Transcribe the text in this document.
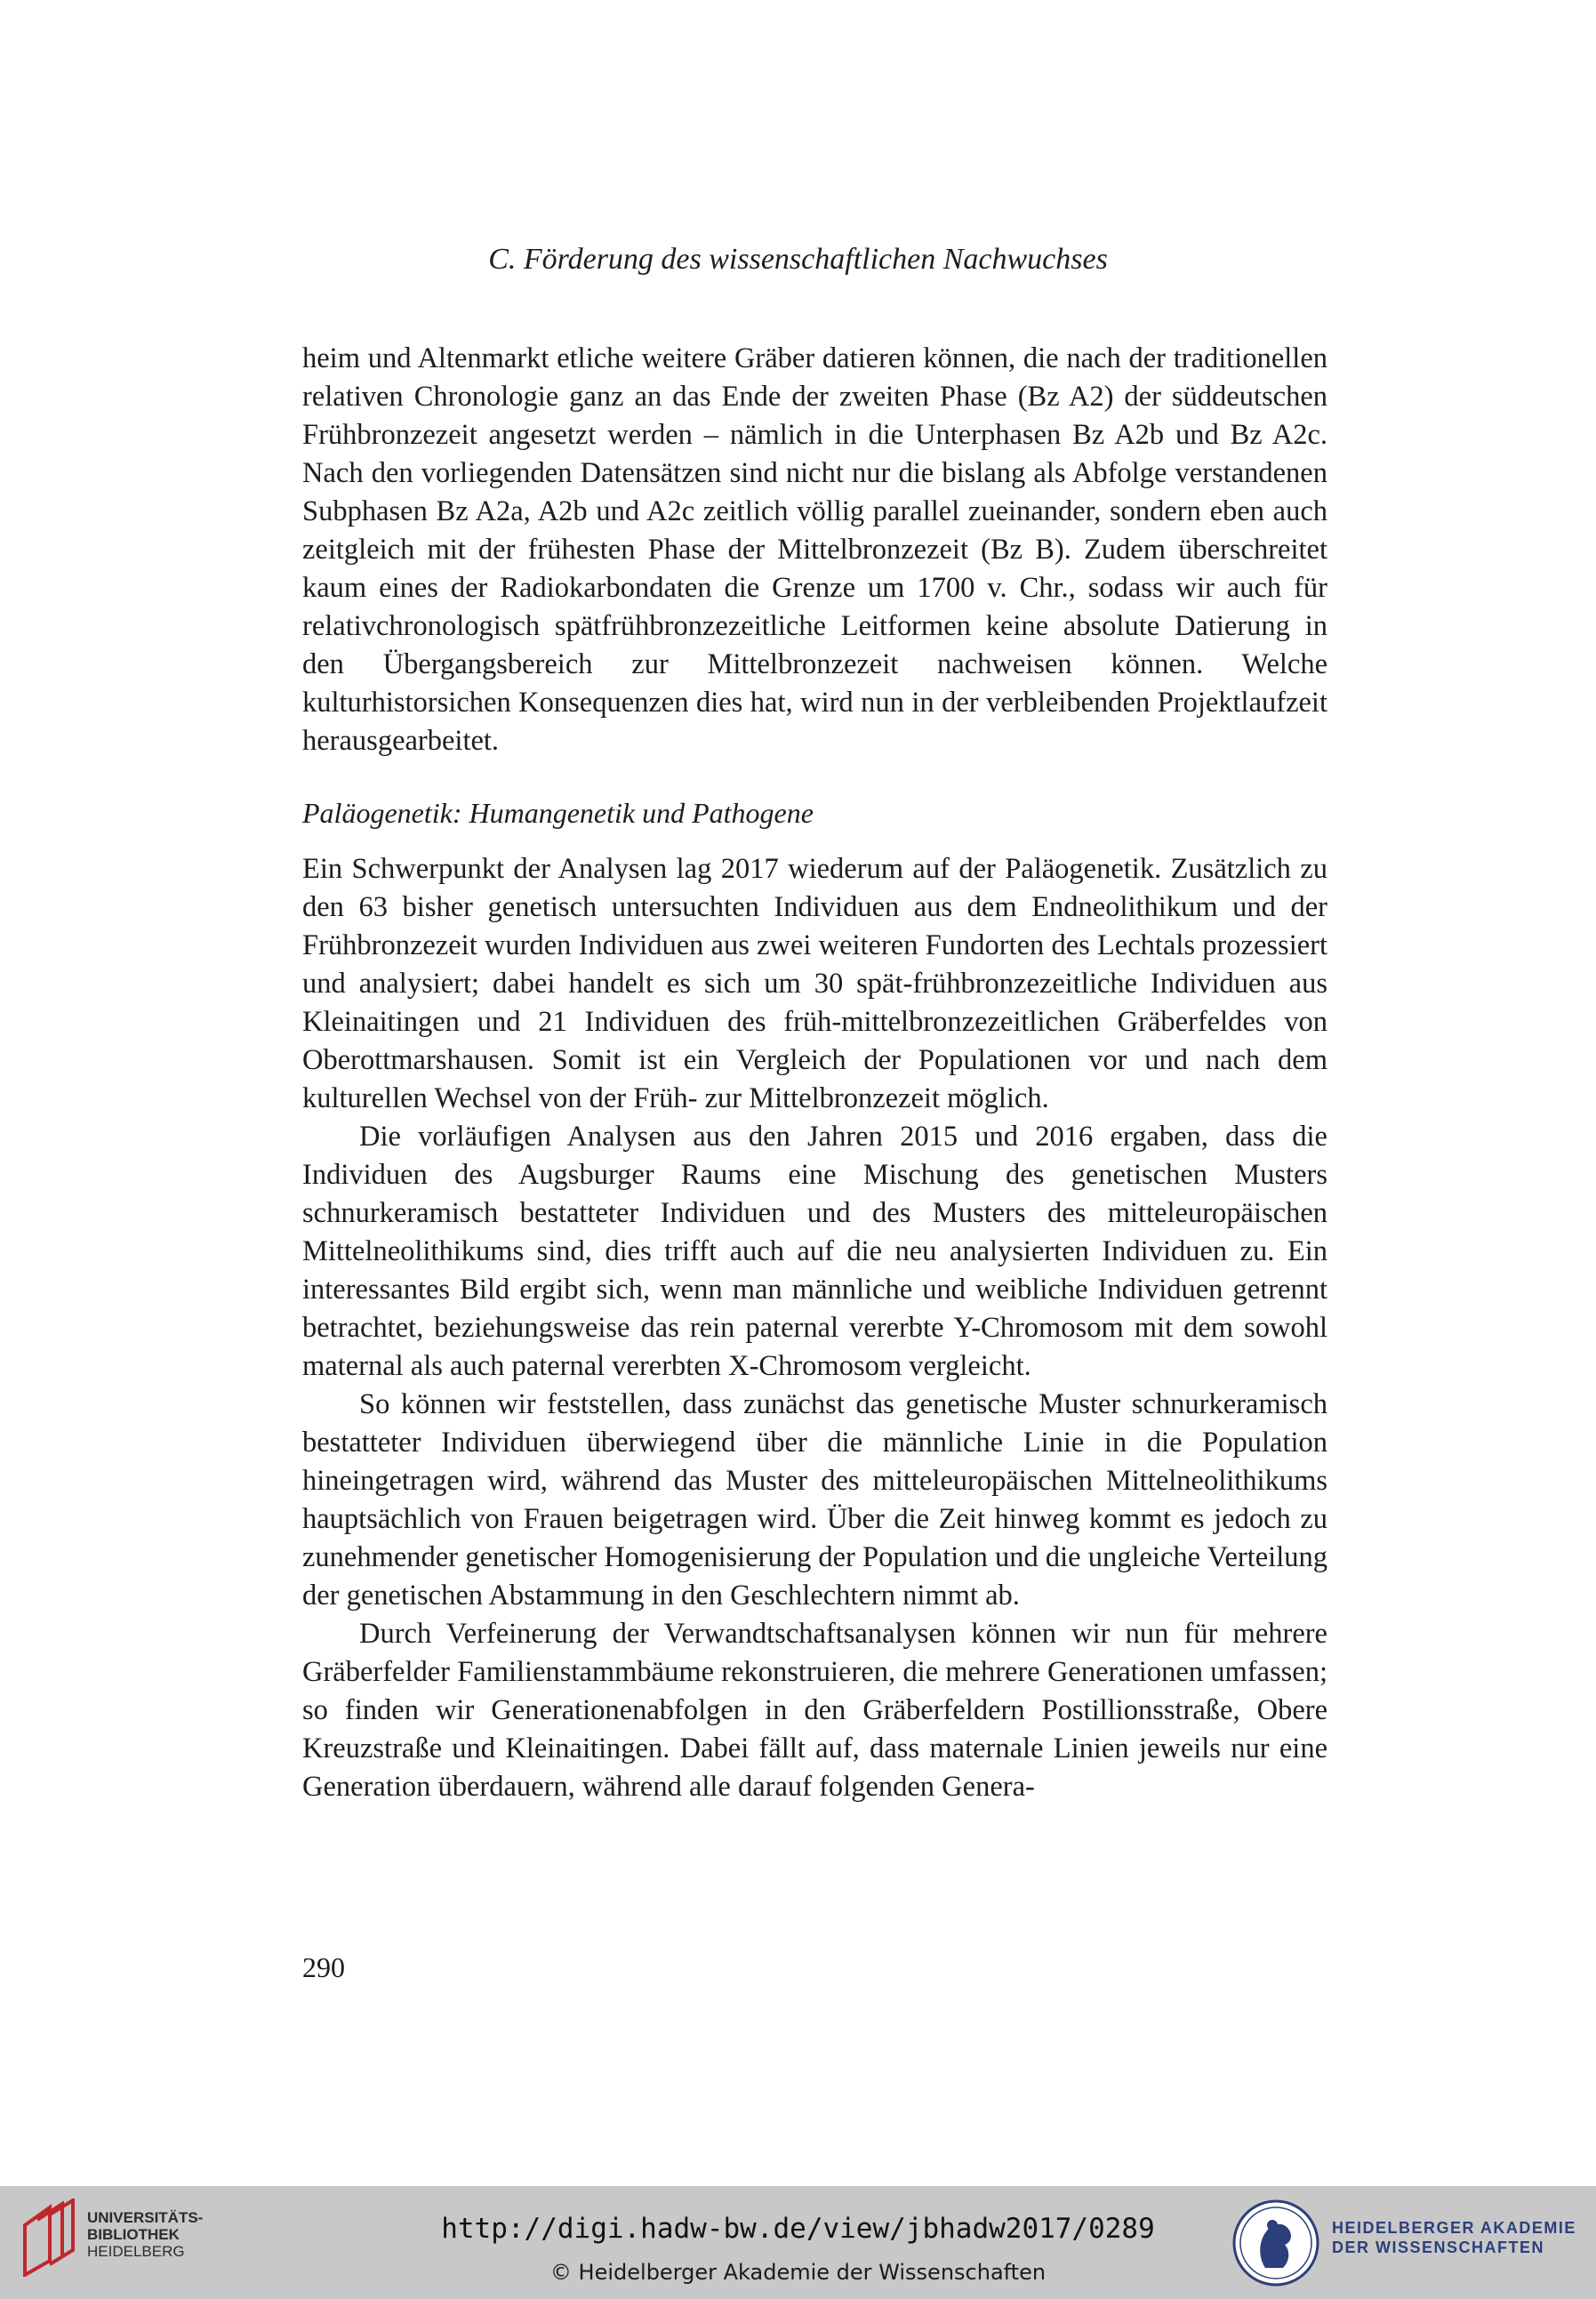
C. Förderung des wissenschaftlichen Nachwuchses

heim und Altenmarkt etliche weitere Gräber datieren können, die nach der traditionellen relativen Chronologie ganz an das Ende der zweiten Phase (Bz A2) der süddeutschen Frühbronzezeit angesetzt werden – nämlich in die Unterphasen Bz A2b und Bz A2c. Nach den vorliegenden Datensätzen sind nicht nur die bislang als Abfolge verstandenen Subphasen Bz A2a, A2b und A2c zeitlich völlig parallel zueinander, sondern eben auch zeitgleich mit der frühesten Phase der Mittelbronzezeit (Bz B). Zudem überschreitet kaum eines der Radiokarbondaten die Grenze um 1700 v. Chr., sodass wir auch für relativchronologisch spätfrühbronzezeitliche Leitformen keine absolute Datierung in den Übergangsbereich zur Mittelbronzezeit nachweisen können. Welche kulturhistorsichen Konsequenzen dies hat, wird nun in der verbleibenden Projektlaufzeit herausgearbeitet.

Paläogenetik: Humangenetik und Pathogene

Ein Schwerpunkt der Analysen lag 2017 wiederum auf der Paläogenetik. Zusätzlich zu den 63 bisher genetisch untersuchten Individuen aus dem Endneolithikum und der Frühbronzezeit wurden Individuen aus zwei weiteren Fundorten des Lechtals prozessiert und analysiert; dabei handelt es sich um 30 spät-frühbronzezeitliche Individuen aus Kleinaitingen und 21 Individuen des früh-mittelbronzezeitlichen Gräberfeldes von Oberottmarshausen. Somit ist ein Vergleich der Populationen vor und nach dem kulturellen Wechsel von der Früh- zur Mittelbronzezeit möglich.

Die vorläufigen Analysen aus den Jahren 2015 und 2016 ergaben, dass die Individuen des Augsburger Raums eine Mischung des genetischen Musters schnurkeramisch bestatteter Individuen und des Musters des mitteleuropäischen Mittelneolithikums sind, dies trifft auch auf die neu analysierten Individuen zu. Ein interessantes Bild ergibt sich, wenn man männliche und weibliche Individuen getrennt betrachtet, beziehungsweise das rein paternal vererbte Y-Chromosom mit dem sowohl maternal als auch paternal vererbten X-Chromosom vergleicht.

So können wir feststellen, dass zunächst das genetische Muster schnurkeramisch bestatteter Individuen überwiegend über die männliche Linie in die Population hineingetragen wird, während das Muster des mitteleuropäischen Mittelneolithikums hauptsächlich von Frauen beigetragen wird. Über die Zeit hinweg kommt es jedoch zu zunehmender genetischer Homogenisierung der Population und die ungleiche Verteilung der genetischen Abstammung in den Geschlechtern nimmt ab.

Durch Verfeinerung der Verwandtschaftsanalysen können wir nun für mehrere Gräberfelder Familienstammbäume rekonstruieren, die mehrere Generationen umfassen; so finden wir Generationenabfolgen in den Gräberfeldern Postillionsstraße, Obere Kreuzstraße und Kleinaitingen. Dabei fällt auf, dass maternale Linien jeweils nur eine Generation überdauern, während alle darauf folgenden Genera-

290
UNIVERSITÄTS-
BIBLIOTHEK
HEIDELBERG
http://digi.hadw-bw.de/view/jbhadw2017/0289
© Heidelberger Akademie der Wissenschaften
HEIDELBERGER AKADEMIE
DER WISSENSCHAFTEN
